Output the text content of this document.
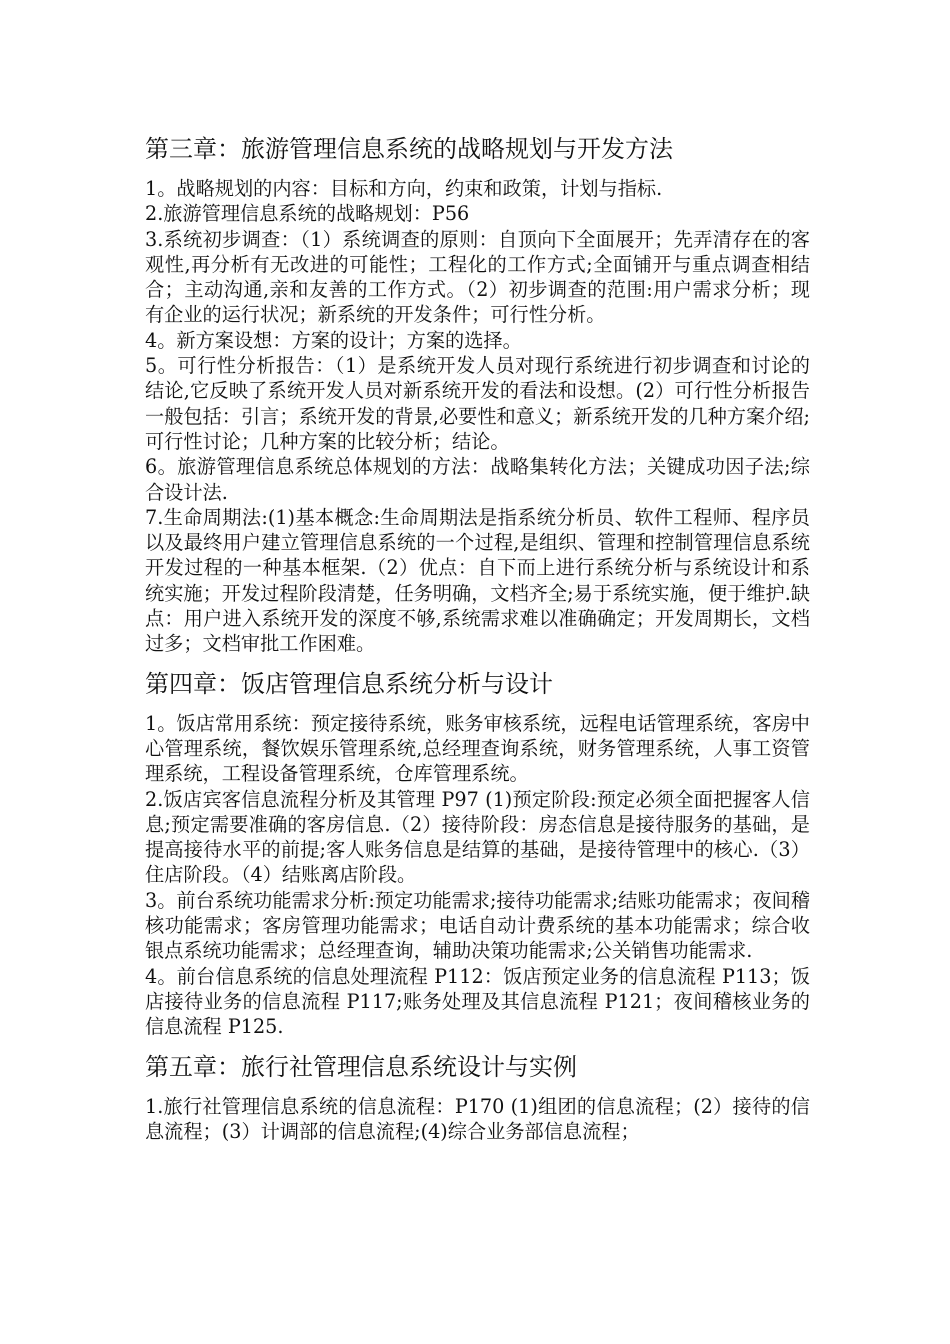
第三章：旅游管理信息系统的战略规划与开发方法

1。战略规划的内容：目标和方向，约束和政策，计划与指标.

2.旅游管理信息系统的战略规划：P56

3.系统初步调查：（1）系统调查的原则：自顶向下全面展开；先弄清存在的客观性,再分析有无改进的可能性；工程化的工作方式;全面铺开与重点调查相结合；主动沟通,亲和友善的工作方式。（2）初步调查的范围:用户需求分析；现有企业的运行状况；新系统的开发条件；可行性分析。

4。新方案设想：方案的设计；方案的选择。

5。可行性分析报告：（1）是系统开发人员对现行系统进行初步调查和讨论的结论,它反映了系统开发人员对新系统开发的看法和设想。(2）可行性分析报告一般包括：引言；系统开发的背景,必要性和意义；新系统开发的几种方案介绍;可行性讨论；几种方案的比较分析；结论。

6。旅游管理信息系统总体规划的方法：战略集转化方法；关键成功因子法;综合设计法.

7.生命周期法:(1)基本概念:生命周期法是指系统分析员、软件工程师、程序员以及最终用户建立管理信息系统的一个过程,是组织、管理和控制管理信息系统开发过程的一种基本框架.（2）优点：自下而上进行系统分析与系统设计和系统实施；开发过程阶段清楚，任务明确，文档齐全;易于系统实施，便于维护.缺点：用户进入系统开发的深度不够,系统需求难以准确确定；开发周期长，文档过多；文档审批工作困难。

第四章：饭店管理信息系统分析与设计

1。饭店常用系统：预定接待系统，账务审核系统，远程电话管理系统，客房中心管理系统，餐饮娱乐管理系统,总经理查询系统，财务管理系统，人事工资管理系统，工程设备管理系统，仓库管理系统。

2.饭店宾客信息流程分析及其管理 P97 (1)预定阶段:预定必须全面把握客人信息;预定需要准确的客房信息.（2）接待阶段：房态信息是接待服务的基础，是提高接待水平的前提;客人账务信息是结算的基础，是接待管理中的核心.（3）住店阶段。（4）结账离店阶段。

3。前台系统功能需求分析:预定功能需求;接待功能需求;结账功能需求；夜间稽核功能需求；客房管理功能需求；电话自动计费系统的基本功能需求；综合收银点系统功能需求；总经理查询，辅助决策功能需求;公关销售功能需求.

4。前台信息系统的信息处理流程 P112：饭店预定业务的信息流程 P113；饭店接待业务的信息流程 P117;账务处理及其信息流程 P121；夜间稽核业务的信息流程 P125.

第五章：旅行社管理信息系统设计与实例

1.旅行社管理信息系统的信息流程：P170 (1)组团的信息流程；(2）接待的信息流程；(3）计调部的信息流程;(4)综合业务部信息流程；
